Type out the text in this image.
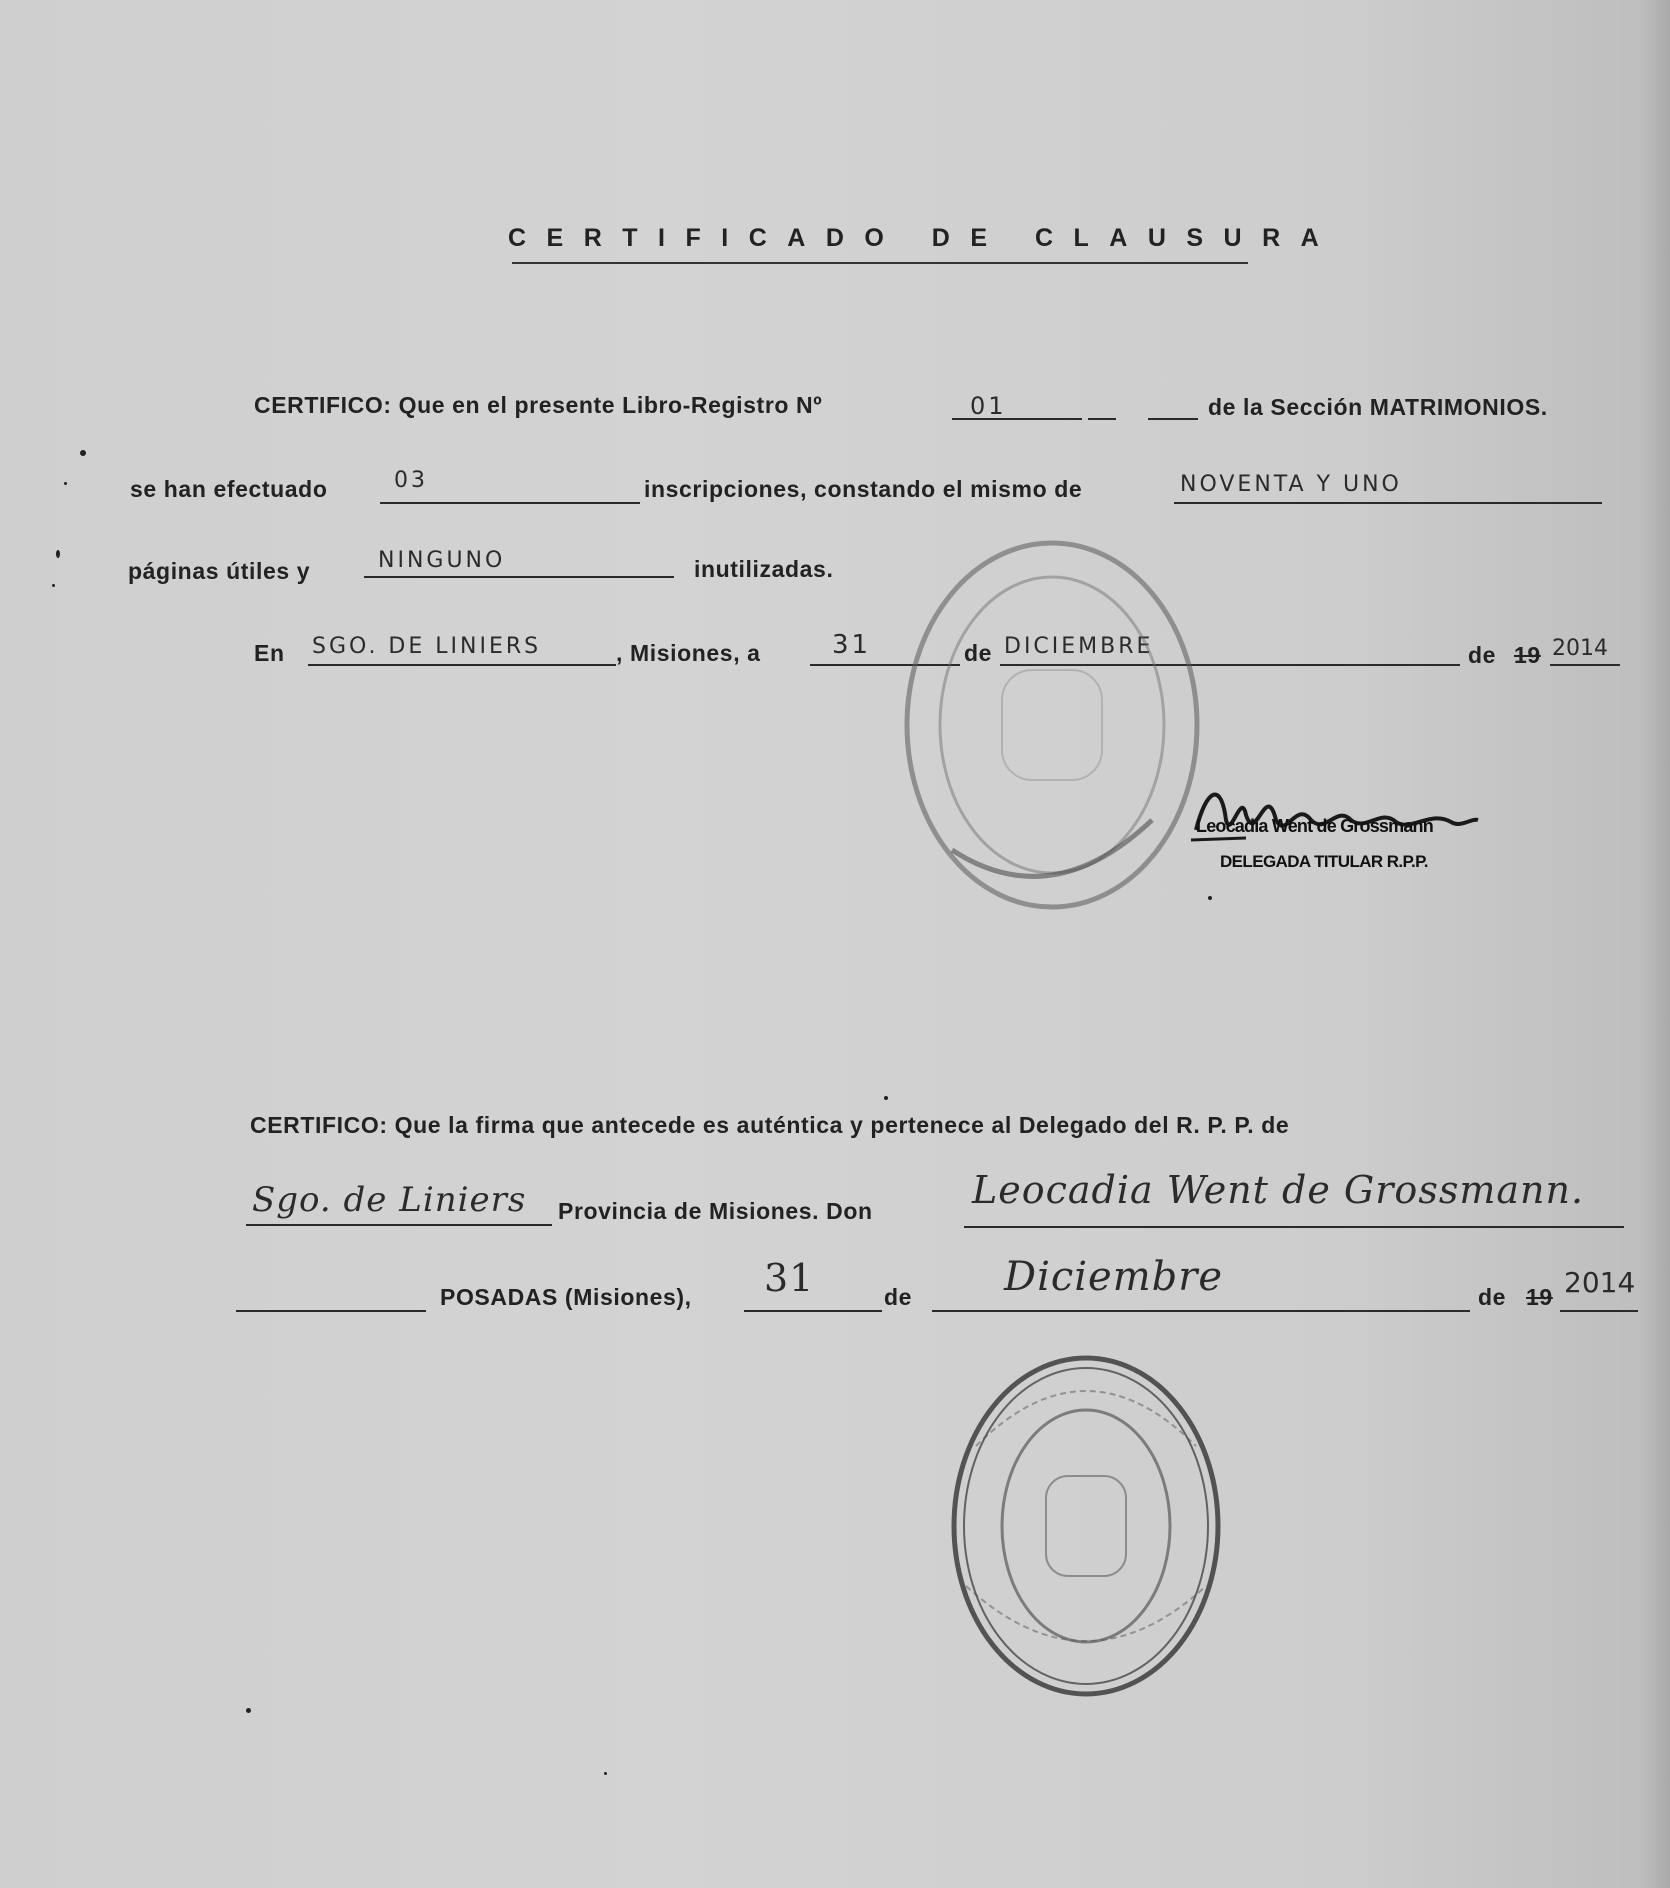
CERTIFICADO DE CLAUSURA
CERTIFICO: Que en el presente Libro-Registro Nº	01	de la Sección MATRIMONIOS.
se han efectuado	03	inscripciones, constando el mismo de	NOVENTA Y UNO
páginas útiles y	NINGUNO	inutilizadas.
En SGO. DE LINIERS	, Misiones, a	31	de DICIEMBRE	de 19 2014
Leocadia Went de Grossmann
DELEGADA TITULAR R.P.P.
CERTIFICO: Que la firma que antecede es auténtica y pertenece al Delegado del R. P. P. de
Sgo. de Liniers Provincia de Misiones. Don	Leocadia Went de Grossmann.
POSADAS (Misiones), 31	de Diciembre	de 19 2014
